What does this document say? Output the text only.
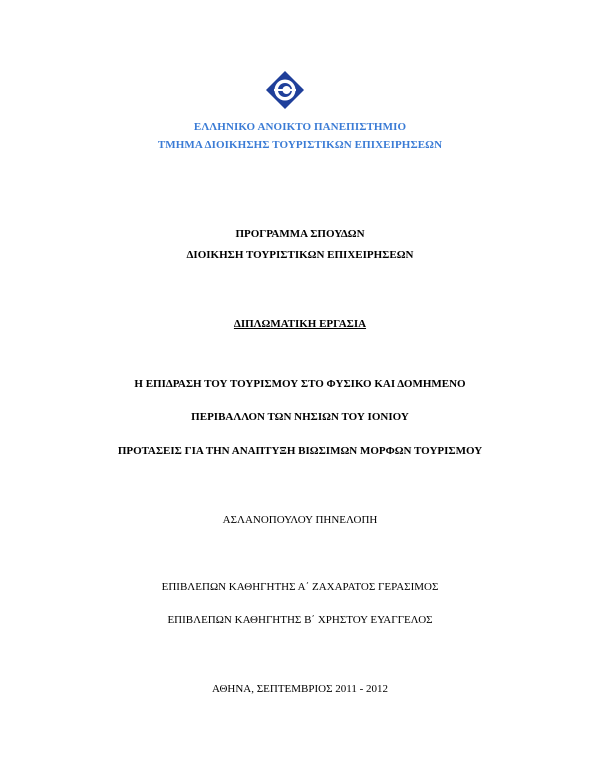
ΕΛΛΗΝΙΚΟ ΑΝΟΙΚΤΟ ΠΑΝΕΠΙΣΤΗΜΙΟ
ΤΜΗΜΑ ΔΙΟΙΚΗΣΗΣ ΤΟΥΡΙΣΤΙΚΩΝ ΕΠΙΧΕΙΡΗΣΕΩΝ
ΠΡΟΓΡΑΜΜΑ ΣΠΟΥΔΩΝ
ΔΙΟΙΚΗΣΗ ΤΟΥΡΙΣΤΙΚΩΝ ΕΠΙΧΕΙΡΗΣΕΩΝ
ΔΙΠΛΩΜΑΤΙΚΗ ΕΡΓΑΣΙΑ
Η ΕΠΙΔΡΑΣΗ ΤΟΥ ΤΟΥΡΙΣΜΟΥ ΣΤΟ ΦΥΣΙΚΟ ΚΑΙ ΔΟΜΗΜΕΝΟ
ΠΕΡΙΒΑΛΛΟΝ ΤΩΝ ΝΗΣΙΩΝ ΤΟΥ ΙΟΝΙΟΥ
ΠΡΟΤΑΣΕΙΣ ΓΙΑ ΤΗΝ ΑΝΑΠΤΥΞΗ ΒΙΩΣΙΜΩΝ ΜΟΡΦΩΝ ΤΟΥΡΙΣΜΟΥ
ΑΣΛΑΝΟΠΟΥΛΟΥ ΠΗΝΕΛΟΠΗ
ΕΠΙΒΛΕΠΩΝ ΚΑΘΗΓΗΤΗΣ Α΄ ΖΑΧΑΡΑΤΟΣ ΓΕΡΑΣΙΜΟΣ
ΕΠΙΒΛΕΠΩΝ ΚΑΘΗΓΗΤΗΣ Β΄ ΧΡΗΣΤΟΥ ΕΥΑΓΓΕΛΟΣ
ΑΘΗΝΑ, ΣΕΠΤΕΜΒΡΙΟΣ 2011 - 2012
